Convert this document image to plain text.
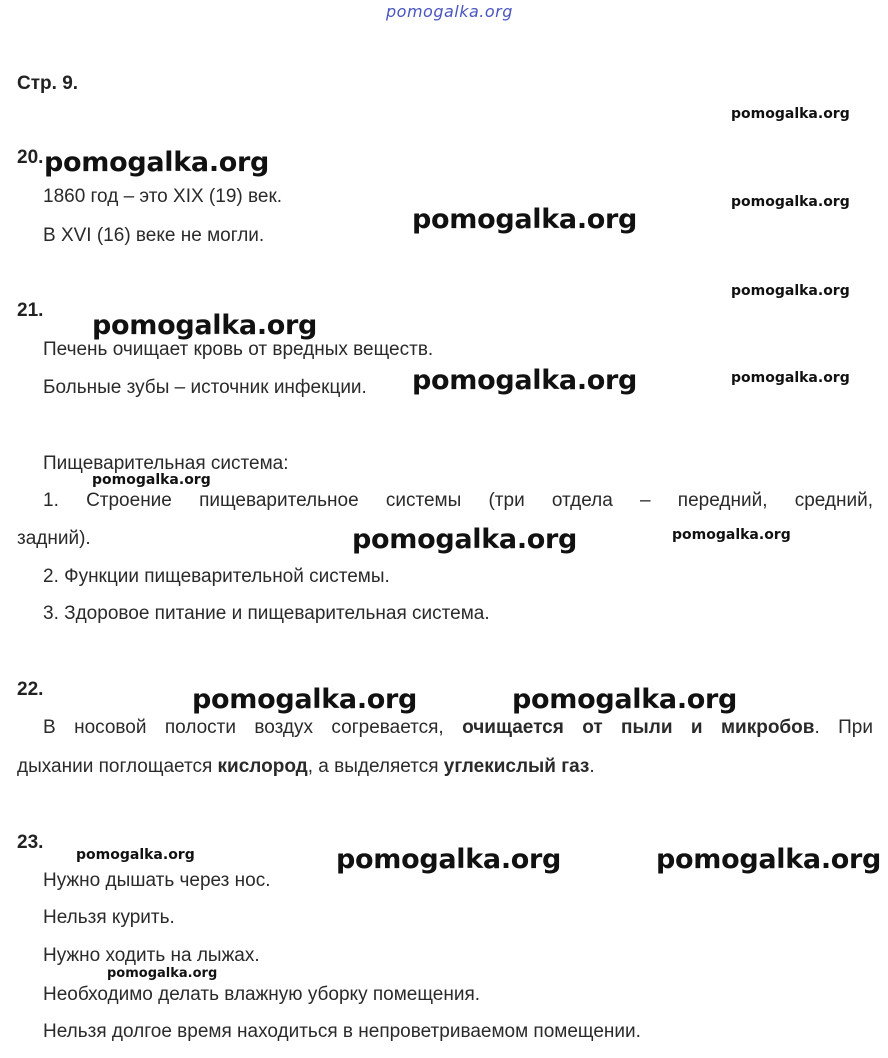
pomogalka.org
Стр. 9.
20.
1860 год – это XIX (19) век.
В XVI (16) веке не могли.
21.
Печень очищает кровь от вредных веществ.
Больные зубы – источник инфекции.
Пищеварительная система:
1. Строение пищеварительное системы (три отдела – передний, средний,
задний).
2. Функции пищеварительной системы.
3. Здоровое питание и пищеварительная система.
22.
В носовой полости воздух согревается, очищается от пыли и микробов. При
дыхании поглощается кислород, а выделяется углекислый газ.
23.
Нужно дышать через нос.
Нельзя курить.
Нужно ходить на лыжах.
Необходимо делать влажную уборку помещения.
Нельзя долгое время находиться в непроветриваемом помещении.
pomogalka.org
pomogalka.org
pomogalka.org
pomogalka.org
pomogalka.org
pomogalka.org
pomogalka.org
pomogalka.org
pomogalka.org
pomogalka.org	pomogalka.org
pomogalka.org	pomogalka.org
pomogalka.org	pomogalka.org	pomogalka.org
pomogalka.org
